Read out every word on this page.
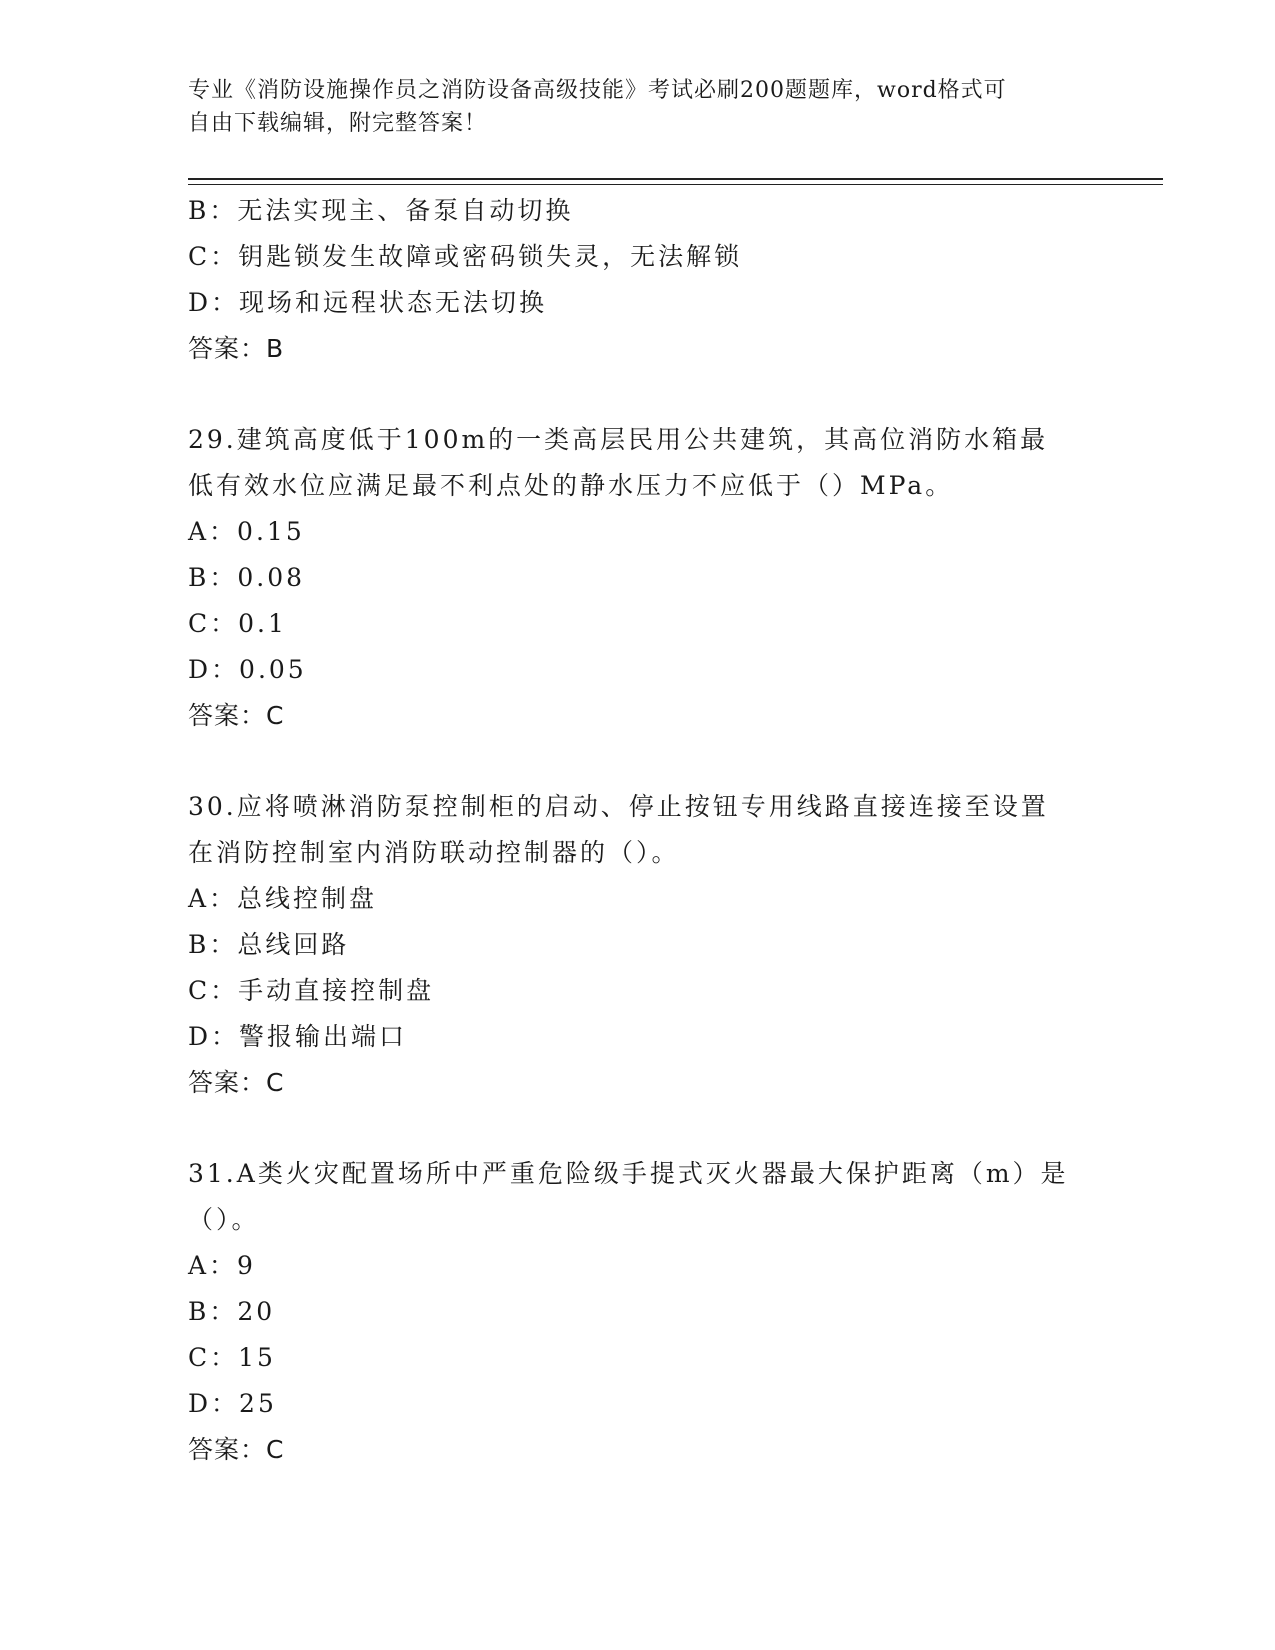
专业《消防设施操作员之消防设备高级技能》考试必刷200题题库，word格式可
自由下载编辑，附完整答案！
B：无法实现主、备泵自动切换
C：钥匙锁发生故障或密码锁失灵，无法解锁
D：现场和远程状态无法切换
答案：B
29.建筑高度低于100m的一类高层民用公共建筑，其高位消防水箱最
低有效水位应满足最不利点处的静水压力不应低于（）MPa。
A：0.15
B：0.08
C：0.1
D：0.05
答案：C
30.应将喷淋消防泵控制柜的启动、停止按钮专用线路直接连接至设置
在消防控制室内消防联动控制器的（）。
A：总线控制盘
B：总线回路
C：手动直接控制盘
D：警报输出端口
答案：C
31.A类火灾配置场所中严重危险级手提式灭火器最大保护距离（m）是
（）。
A：9
B：20
C：15
D：25
答案：C
